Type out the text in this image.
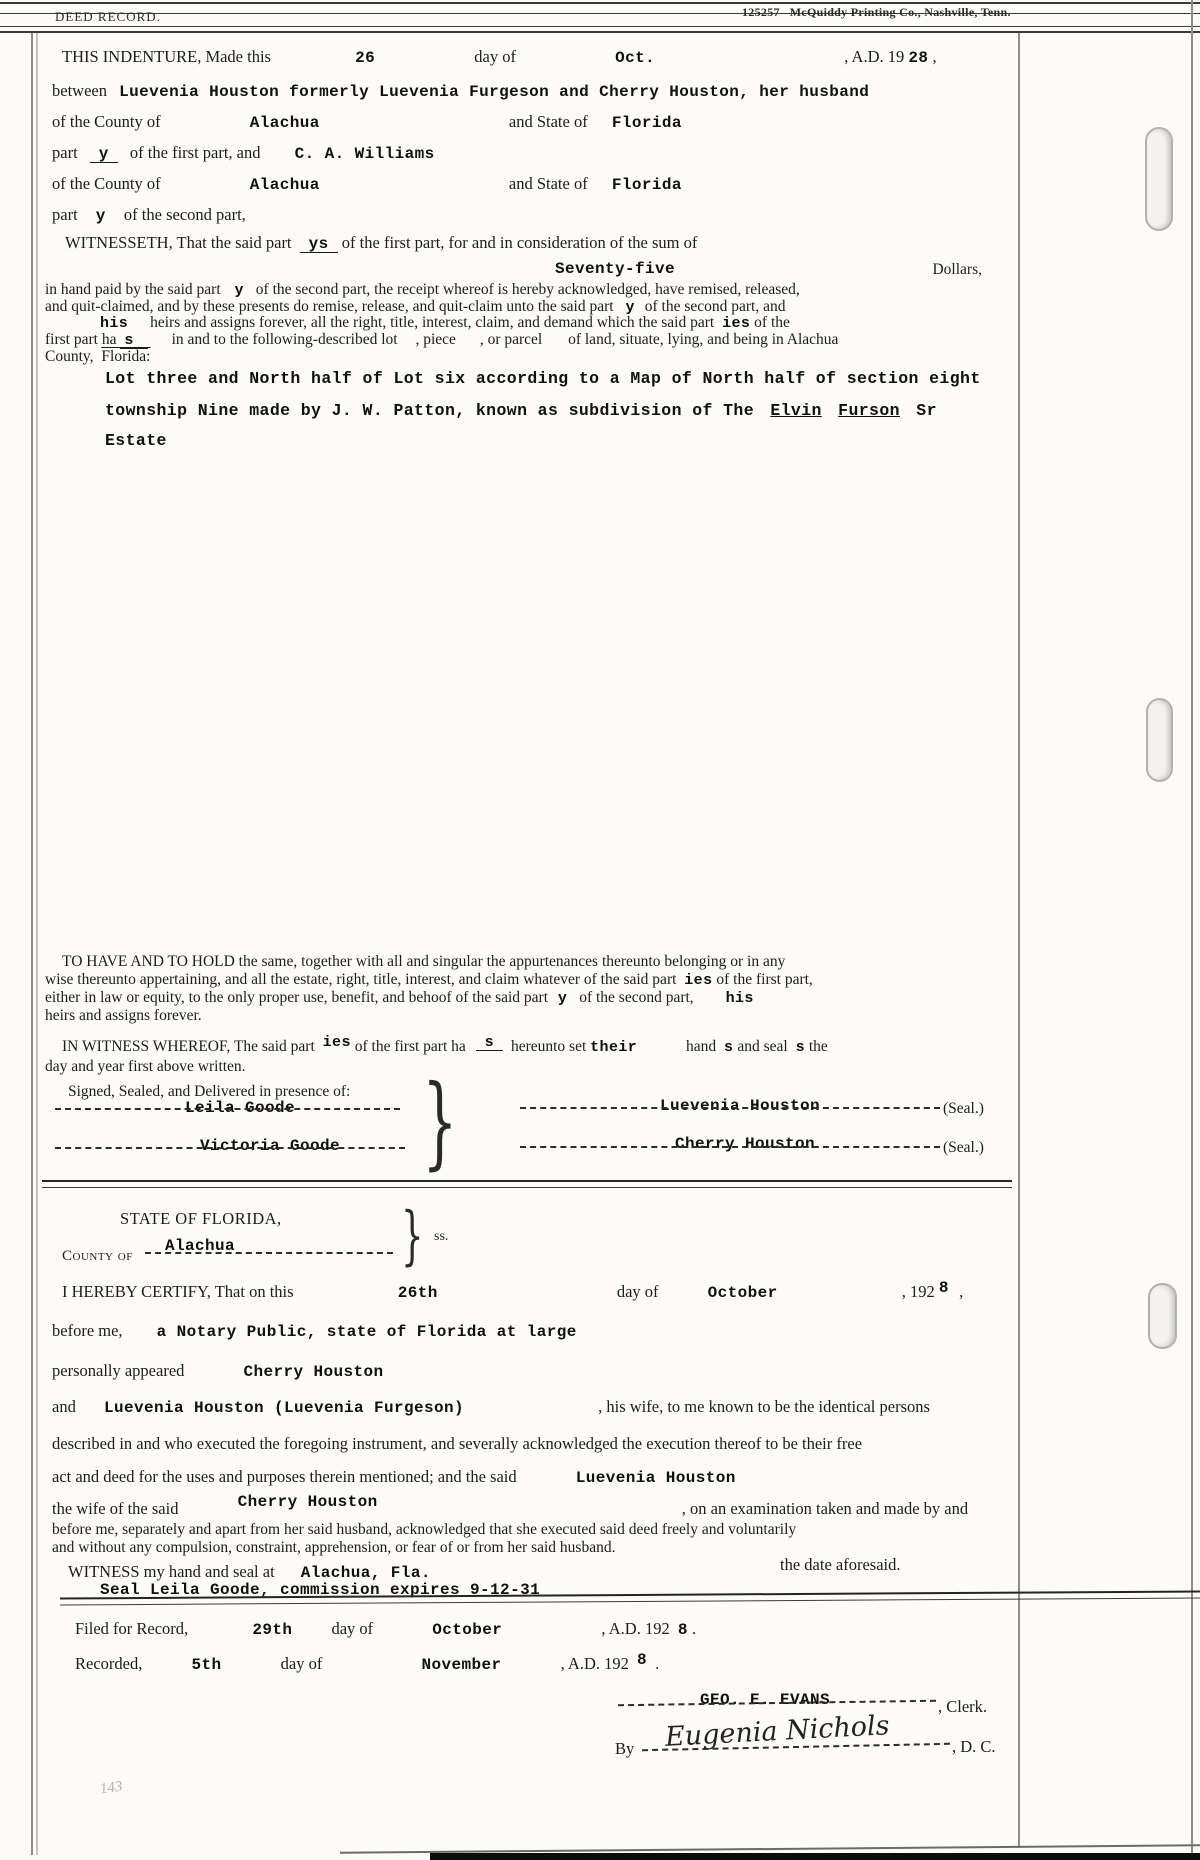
DEED RECORD.	125257 McQuiddy Printing Co., Nashville, Tenn.
THIS INDENTURE, Made this	26	day of	Oct.	, A.D. 19 28 ,
between Luevenia Houston formerly Luevenia Furgeson and Cherry Houston, her husband
of the County of	Alachua	and State of Florida
part y of the first part, and C. A. Williams
of the County of	Alachua	and State of Florida
part y of the second part,
WITNESSETH, That the said part ys of the first part, for and in consideration of the sum of
Seventy-five	Dollars,
in hand paid by the said part y of the second part, the receipt whereof is hereby acknowledged, have remised, released,
and quit-claimed, and by these presents do remise, release, and quit-claim unto the said part y of the second part, and
his heirs and assigns forever, all the right, title, interest, claim, and demand which the said part ies of the
first part ha s in and to the following-described lot , piece , or parcel of land, situate, lying, and being in Alachua
County, Florida:
Lot three and North half of Lot six according to a Map of North half of section eight
township Nine made by J. W. Patton, known as subdivision of The Elvin Furson Sr
Estate
TO HAVE AND TO HOLD the same, together with all and singular the appurtenances thereunto belonging or in any
wise thereunto appertaining, and all the estate, right, title, interest, and claim whatever of the said part ies of the first part,
either in law or equity, to the only proper use, benefit, and behoof of the said part y of the second part, his
heirs and assigns forever.
IN WITNESS WHEREOF, The said part ies of the first part ha s hereunto set their	hand s and seal s the
day and year first above written.
Signed, Sealed, and Delivered in presence of: }
Leila Goode
Victoria Goode
Luevenia Houston	(Seal.)
Cherry Houston	(Seal.)
STATE OF FLORIDA, } ss.
County of
Alachua
I HEREBY CERTIFY, That on this	26th	day of	October	, 192 8 ,
before me, a Notary Public, state of Florida at large
personally appeared	Cherry Houston
and Luevenia Houston (Luevenia Furgeson)	, his wife, to me known to be the identical persons
described in and who executed the foregoing instrument, and severally acknowledged the execution thereof to be their free
act and deed for the uses and purposes therein mentioned; and the said	Luevenia Houston
the wife of the said	Cherry Houston	, on an examination taken and made by and
before me, separately and apart from her said husband, acknowledged that she executed said deed freely and voluntarily
and without any compulsion, constraint, apprehension, or fear of or from her said husband.
WITNESS my hand and seal at Alachua, Fla.	the date aforesaid.
Seal Leila Goode, commission expires 9-12-31
Filed for Record,	29th day of	October	, A.D. 192 8 .
Recorded,	5th	day of	November	, A.D. 192 8 .
GEO. E. EVANS	, Clerk.
By Eugenia Nichols	, D. C.
143
